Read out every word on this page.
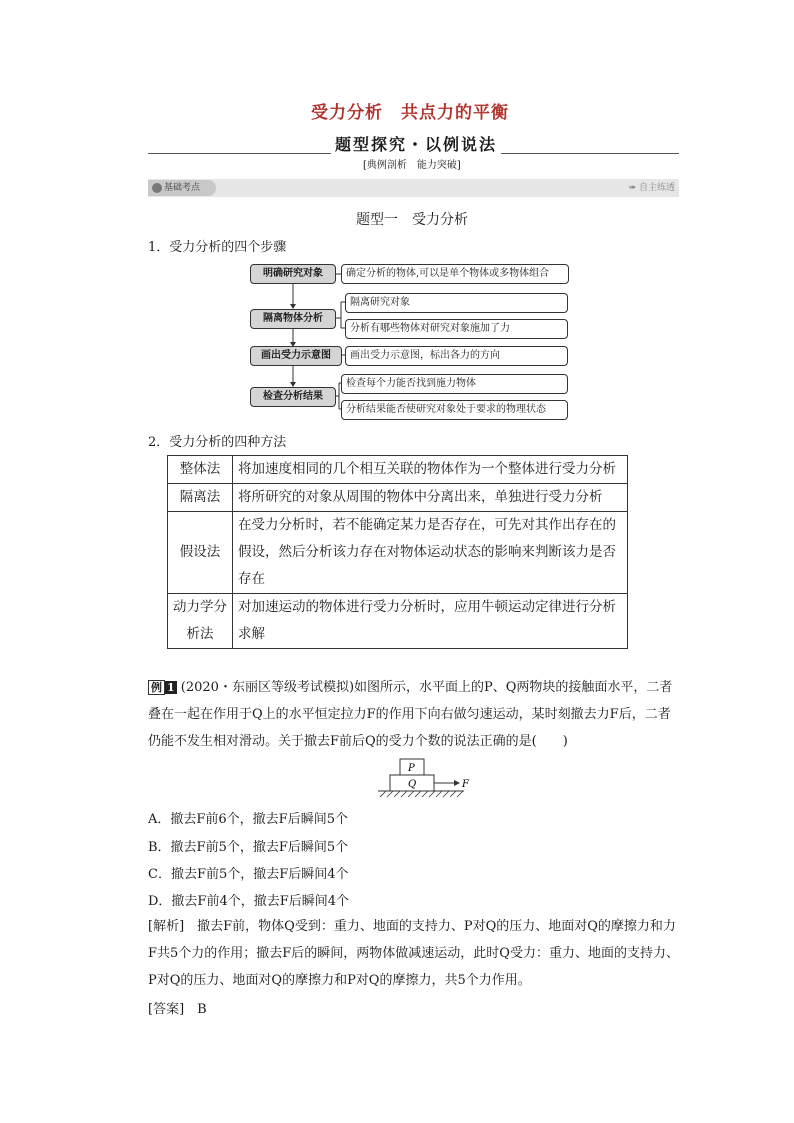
受力分析　共点力的平衡
题型探究・以例说法
[典例剖析　能力突破]
基础考点	➠ 自主练透
题型一　受力分析
1．受力分析的四个步骤
明确研究对象
隔离物体分析
画出受力示意图
检查分析结果
确定分析的物体,可以是单个物体或多物体组合
隔离研究对象
分析有哪些物体对研究对象施加了力
画出受力示意图，标出各力的方向
检查每个力能否找到施力物体
分析结果能否使研究对象处于要求的物理状态
2．受力分析的四种方法
整体法	将加速度相同的几个相互关联的物体作为一个整体进行受力分析
隔离法	将所研究的对象从周围的物体中分离出来，单独进行受力分析
假设法	在受力分析时，若不能确定某力是否存在，可先对其作出存在的假设，然后分析该力存在对物体运动状态的影响来判断该力是否存在
动力学分析法	对加速运动的物体进行受力分析时，应用牛顿运动定律进行分析求解
例 1 (2020・东丽区等级考试模拟)如图所示，水平面上的P、Q两物块的接触面水平，二者叠在一起在作用于Q上的水平恒定拉力F的作用下向右做匀速运动，某时刻撤去力F后，二者仍能不发生相对滑动。关于撤去F前后Q的受力个数的说法正确的是(　　)
P
Q	F
A．撤去F前6个，撤去F后瞬间5个
B．撤去F前5个，撤去F后瞬间5个
C．撤去F前5个，撤去F后瞬间4个
D．撤去F前4个，撤去F后瞬间4个
[解析]　撤去F前，物体Q受到：重力、地面的支持力、P对Q的压力、地面对Q的摩擦力和力F共5个力的作用；撤去F后的瞬间，两物体做减速运动，此时Q受力：重力、地面的支持力、P对Q的压力、地面对Q的摩擦力和P对Q的摩擦力，共5个力作用。
[答案]　B
